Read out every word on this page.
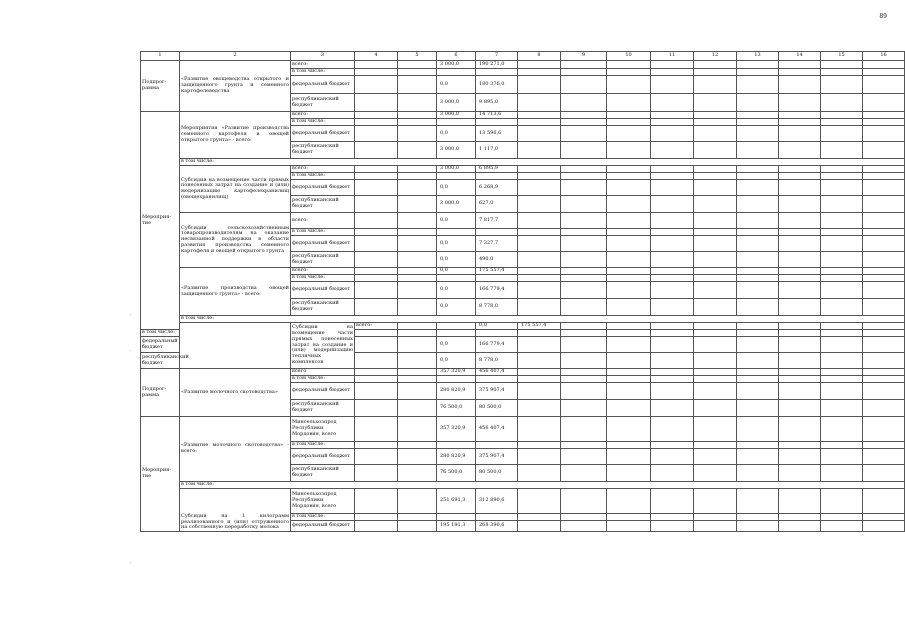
89
·
·
·
1	2	3	4	5	6	7	8	9	10	11	12	13	14	15	16	
Подпрог-рамма	«Развитие овощеводства открытого и защищенного грунта и семенного картофелеводства	всего:			3 000,0	190 271,0										
		в том числе:														
		федеральный бюджет			0,0	180 376,0										
		республиканский бюджет			3 000,0	9 895,0										
Мероприя-тие	Мероприятия «Развитие производства семенного картофеля и овощей открытого грунта» - всего:	всего:			3 000,0	14 713,6										
		в том числе:														
		федеральный бюджет			0,0	13 596,6										
		республиканский бюджет			3 000,0	1 117,0										
	в том числе:															
	Субсидии на возмещение части прямых понесенных затрат на создание и (или) модернизацию картофелехранилищ (овощехранилищ)	всего:			3 000,0	6 895,9										
		в том числе:														
		федеральный бюджет			0,0	6 268,9										
		республиканский бюджет			3 000,0	627,0										
	Субсидии сельскохозяйственным товаропроизводителям на оказание несвязанной поддержки в области развития производства семенного картофеля и овощей открытого грунта	всего:			0,0	7 817,7										
		в том числе:														
		федеральный бюджет			0,0	7 327,7										
		республиканский бюджет			0,0	490,0										
	«Развитие производства овощей защищенного грунта» - всего:	всего:			0,0	175 557,4										
		в том числе:														
		федеральный бюджет			0,0	166 779,4										
		республиканский бюджет			0,0	8 778,0										
	в том числе:															
		Субсидии на возмещение части прямых понесенных затрат на создание и (или) модернизацию тепличных комплексов	всего:			0,0	175 557,4									
в том числе:																
федеральный бюджет					0,0	166 779,4										
республиканский бюджет					0,0	8 778,0										
Подпрог-рамма	«Развитие молочного скотоводства»	всего			357 320,9	456 407,4										
		в том числе:														
		федеральный бюджет			280 820,9	375 907,4										
		республиканский бюджет			76 500,0	80 500,0										
Мероприя-тие	«Развитие молочного скотоводства» - всего:	Минсельхозпрод Республики Мордовия, всего			357 320,9	456 407,4										
		в том числе:														
		федеральный бюджет			280 820,9	375 907,4										
		республиканский бюджет			76 500,0	80 500,0										
	в том числе:															
	Субсидии на 1 килограмм реализованного и (или) отгруженного на собственную переработку молока	Минсельхозпрод Республики Мордовия, всего			251 691,3	312 890,6										
		в том числе:														
		федеральный бюджет			195 191,3	268 390,6										
